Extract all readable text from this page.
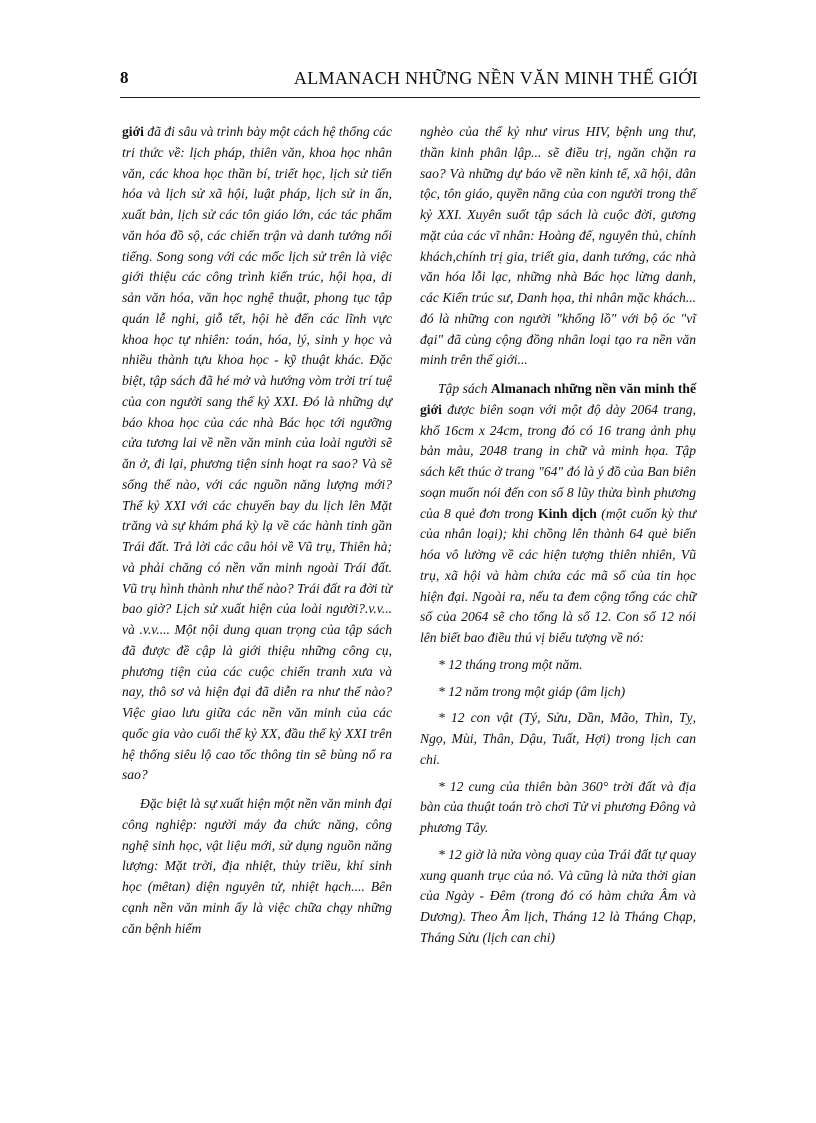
8	ALMANACH NHỮNG NỀN VĂN MINH THẾ GIỚI

giới đã đi sâu và trình bày một cách hệ thống các tri thức về: lịch pháp, thiên văn, khoa học nhân văn, các khoa học thần bí, triết học, lịch sử tiến hóa và lịch sử xã hội, luật pháp, lịch sử in ấn, xuất bản, lịch sử các tôn giáo lớn, các tác phẩm văn hóa đồ sộ, các chiến trận và danh tướng nổi tiếng. Song song với các mốc lịch sử trên là việc giới thiệu các công trình kiến trúc, hội họa, di sản văn hóa, văn học nghệ thuật, phong tục tập quán lễ nghi, giỗ tết, hội hè đến các lĩnh vực khoa học tự nhiên: toán, hóa, lý, sinh y học và nhiều thành tựu khoa học - kỹ thuật khác. Đặc biệt, tập sách đã hé mở và hướng vòm trời trí tuệ của con người sang thế kỷ XXI. Đó là những dự báo khoa học của các nhà Bác học tới ngưỡng cửa tương lai về nền văn minh của loài người sẽ ăn ở, đi lại, phương tiện sinh hoạt ra sao? Và sẽ sống thế nào, với các nguồn năng lượng mới? Thế kỷ XXI với các chuyến bay du lịch lên Mặt trăng và sự khám phá kỳ lạ về các hành tinh gần Trái đất. Trả lời các câu hỏi về Vũ trụ, Thiên hà; và phải chăng có nền văn minh ngoài Trái đất. Vũ trụ hình thành như thế nào? Trái đất ra đời từ bao giờ? Lịch sử xuất hiện của loài người?.v.v... và .v.v.... Một nội dung quan trọng của tập sách đã được đề cập là giới thiệu những công cụ, phương tiện của các cuộc chiến tranh xưa và nay, thô sơ và hiện đại đã diễn ra như thế nào? Việc giao lưu giữa các nền văn minh của các quốc gia vào cuối thế kỷ XX, đầu thế kỷ XXI trên hệ thống siêu lộ cao tốc thông tin sẽ bùng nổ ra sao?

Đặc biệt là sự xuất hiện một nền văn minh đại công nghiệp: người máy đa chức năng, công nghệ sinh học, vật liệu mới, sử dụng nguồn năng lượng: Mặt trời, địa nhiệt, thủy triều, khí sinh học (mêtan) diện nguyên tử, nhiệt hạch.... Bên cạnh nền văn minh ấy là việc chữa chạy những căn bệnh hiểm

nghèo của thế kỷ như virus HIV, bệnh ung thư, thần kinh phân lập... sẽ điều trị, ngăn chặn ra sao? Và những dự báo về nền kinh tế, xã hội, dân tộc, tôn giáo, quyền năng của con người trong thế kỷ XXI. Xuyên suốt tập sách là cuộc đời, gương mặt của các vĩ nhân: Hoàng đế, nguyên thủ, chính khách,chính trị gia, triết gia, danh tướng, các nhà văn hóa lỗi lạc, những nhà Bác học lừng danh, các Kiến trúc sư, Danh họa, thi nhân mặc khách... đó là những con người "khổng lồ" với bộ óc "vĩ đại" đã cùng cộng đồng nhân loại tạo ra nền văn minh trên thế giới...

Tập sách Almanach những nền văn minh thế giới được biên soạn với một độ dày 2064 trang, khổ 16cm x 24cm, trong đó có 16 trang ảnh phụ bản màu, 2048 trang in chữ và minh họa. Tập sách kết thúc ở trang "64" đó là ý đồ của Ban biên soạn muốn nói đến con số 8 lũy thừa bình phương của 8 quẻ đơn trong Kinh dịch (một cuốn kỳ thư của nhân loại); khi chồng lên thành 64 quẻ biến hóa vô lường về các hiện tượng thiên nhiên, Vũ trụ, xã hội và hàm chứa các mã số của tin học hiện đại. Ngoài ra, nếu ta đem cộng tổng các chữ số của 2064 sẽ cho tổng là số 12. Con số 12 nói lên biết bao điều thú vị biểu tượng về nó:

* 12 tháng trong một năm.

* 12 năm trong một giáp (âm lịch)

* 12 con vật (Tý, Sửu, Dần, Mão, Thìn, Tỵ, Ngọ, Mùi, Thân, Dậu, Tuất, Hợi) trong lịch can chi.

* 12 cung của thiên bàn 360° trời đất và địa bàn của thuật toán trò chơi Tử vi phương Đông và phương Tây.

* 12 giờ là nửa vòng quay của Trái đất tự quay xung quanh trục của nó. Và cũng là nửa thời gian của Ngày - Đêm (trong đó có hàm chứa Âm và Dương). Theo Âm lịch, Tháng 12 là Tháng Chạp, Tháng Sửu (lịch can chi)
